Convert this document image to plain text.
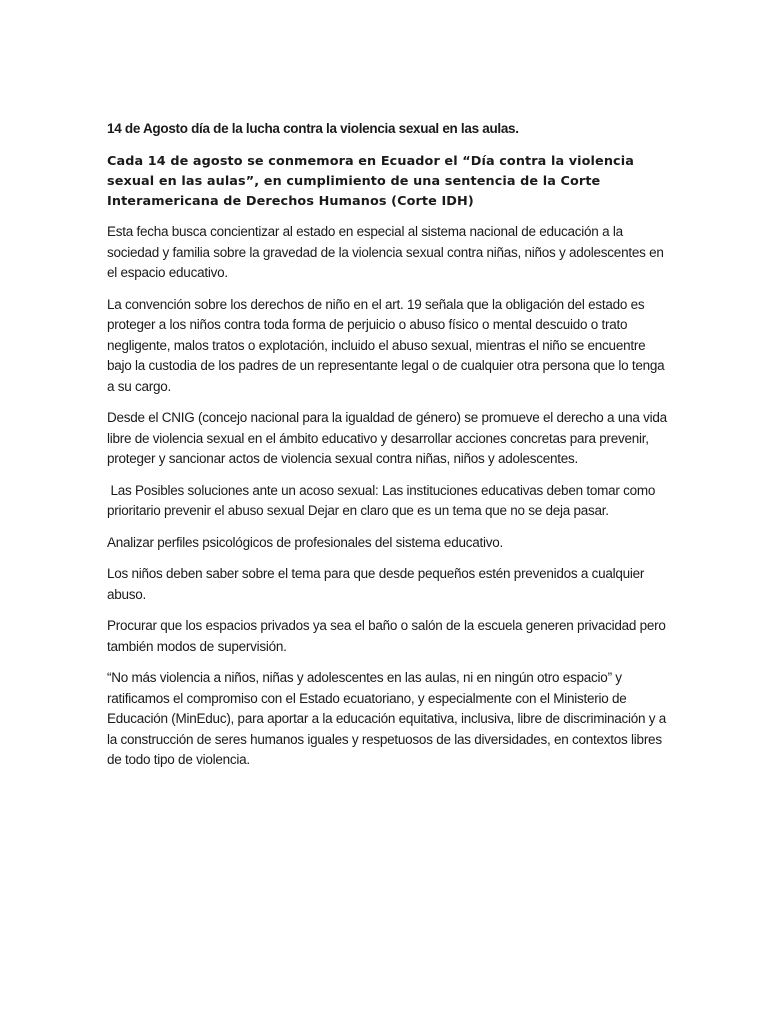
14 de Agosto día de la lucha contra la violencia sexual en las aulas.

Cada 14 de agosto se conmemora en Ecuador el “Día contra la violencia sexual en las aulas”, en cumplimiento de una sentencia de la Corte Interamericana de Derechos Humanos (Corte IDH)

Esta fecha busca concientizar al estado en especial al sistema nacional de educación a la sociedad y familia sobre la gravedad de la violencia sexual contra niñas, niños y adolescentes en el espacio educativo.

La convención sobre los derechos de niño en el art. 19 señala que la obligación del estado es proteger a los niños contra toda forma de perjuicio o abuso físico o mental descuido o trato negligente, malos tratos o explotación, incluido el abuso sexual, mientras el niño se encuentre bajo la custodia de los padres de un representante legal o de cualquier otra persona que lo tenga a su cargo.

Desde el CNIG (concejo nacional para la igualdad de género) se promueve el derecho a una vida libre de violencia sexual en el ámbito educativo y desarrollar acciones concretas para prevenir, proteger y sancionar actos de violencia sexual contra niñas, niños y adolescentes.

Las Posibles soluciones ante un acoso sexual: Las instituciones educativas deben tomar como prioritario prevenir el abuso sexual Dejar en claro que es un tema que no se deja pasar.

Analizar perfiles psicológicos de profesionales del sistema educativo.

Los niños deben saber sobre el tema para que desde pequeños estén prevenidos a cualquier abuso.

Procurar que los espacios privados ya sea el baño o salón de la escuela generen privacidad pero también modos de supervisión.

“No más violencia a niños, niñas y adolescentes en las aulas, ni en ningún otro espacio” y ratificamos el compromiso con el Estado ecuatoriano, y especialmente con el Ministerio de Educación (MinEduc), para aportar a la educación equitativa, inclusiva, libre de discriminación y a la construcción de seres humanos iguales y respetuosos de las diversidades, en contextos libres de todo tipo de violencia.
